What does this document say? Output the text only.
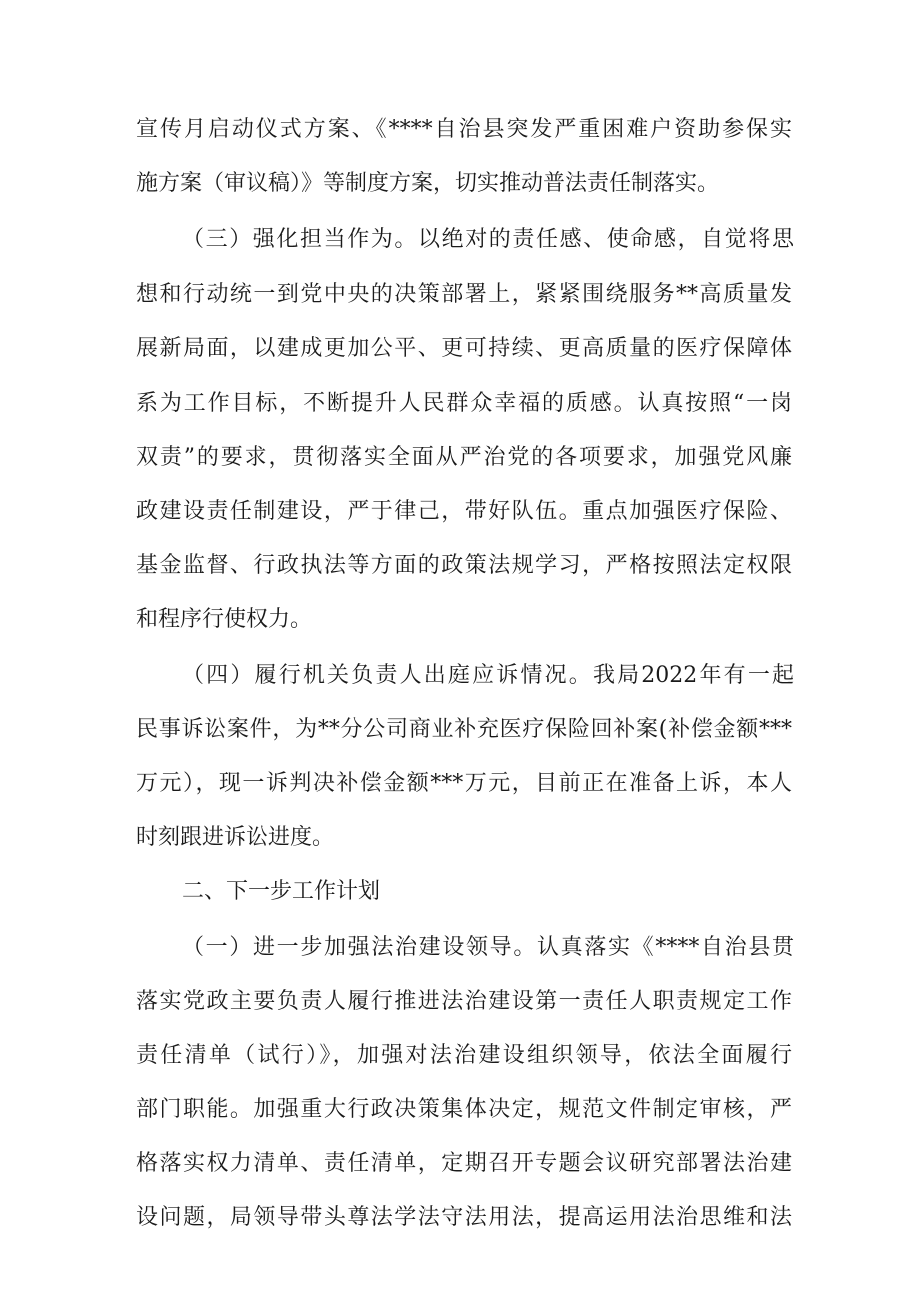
宣传月启动仪式方案、《****自治县突发严重困难户资助参保实
施方案（审议稿）》等制度方案，切实推动普法责任制落实。
（三）强化担当作为。以绝对的责任感、使命感，自觉将思
想和行动统一到党中央的决策部署上，紧紧围绕服务**高质量发
展新局面，以建成更加公平、更可持续、更高质量的医疗保障体
系为工作目标，不断提升人民群众幸福的质感。认真按照“一岗
双责”的要求，贯彻落实全面从严治党的各项要求，加强党风廉
政建设责任制建设，严于律己，带好队伍。重点加强医疗保险、
基金监督、行政执法等方面的政策法规学习，严格按照法定权限
和程序行使权力。
（四）履行机关负责人出庭应诉情况。我局2022年有一起
民事诉讼案件，为**分公司商业补充医疗保险回补案(补偿金额***
万元），现一诉判决补偿金额***万元，目前正在准备上诉，本人
时刻跟进诉讼进度。
二、下一步工作计划
（一）进一步加强法治建设领导。认真落实《****自治县贯
落实党政主要负责人履行推进法治建设第一责任人职责规定工作
责任清单（试行）》，加强对法治建设组织领导，依法全面履行
部门职能。加强重大行政决策集体决定，规范文件制定审核，严
格落实权力清单、责任清单，定期召开专题会议研究部署法治建
设问题，局领导带头尊法学法守法用法，提高运用法治思维和法
